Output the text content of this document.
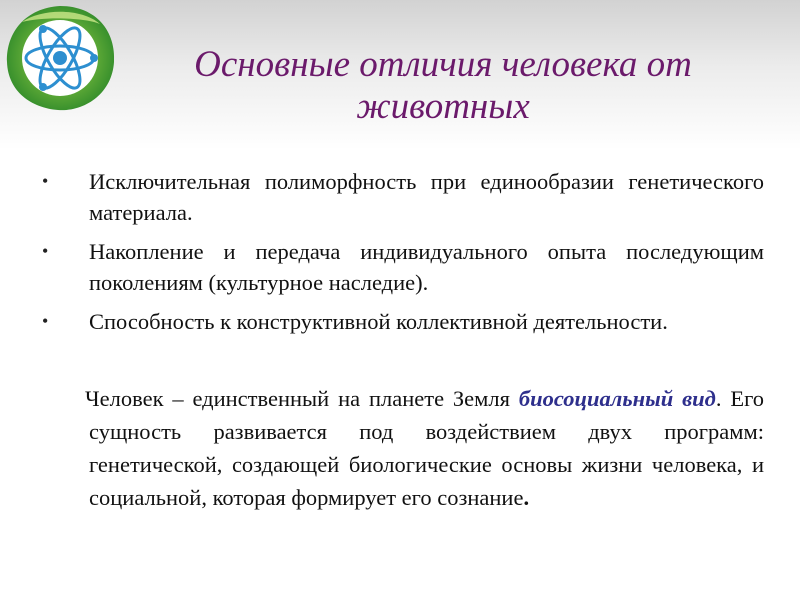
Основные отличия человека от животных
•	Исключительная полиморфность при единообразии генетического материала.
•	Накопление и передача индивидуального опыта последующим поколениям (культурное наследие).
•	Способность к конструктивной коллективной деятельности.

Человек – единственный на планете Земля биосоциальный вид. Его сущность развивается под воздействием двух программ: генетической, создающей биологические основы жизни человека, и социальной, которая формирует его сознание.
